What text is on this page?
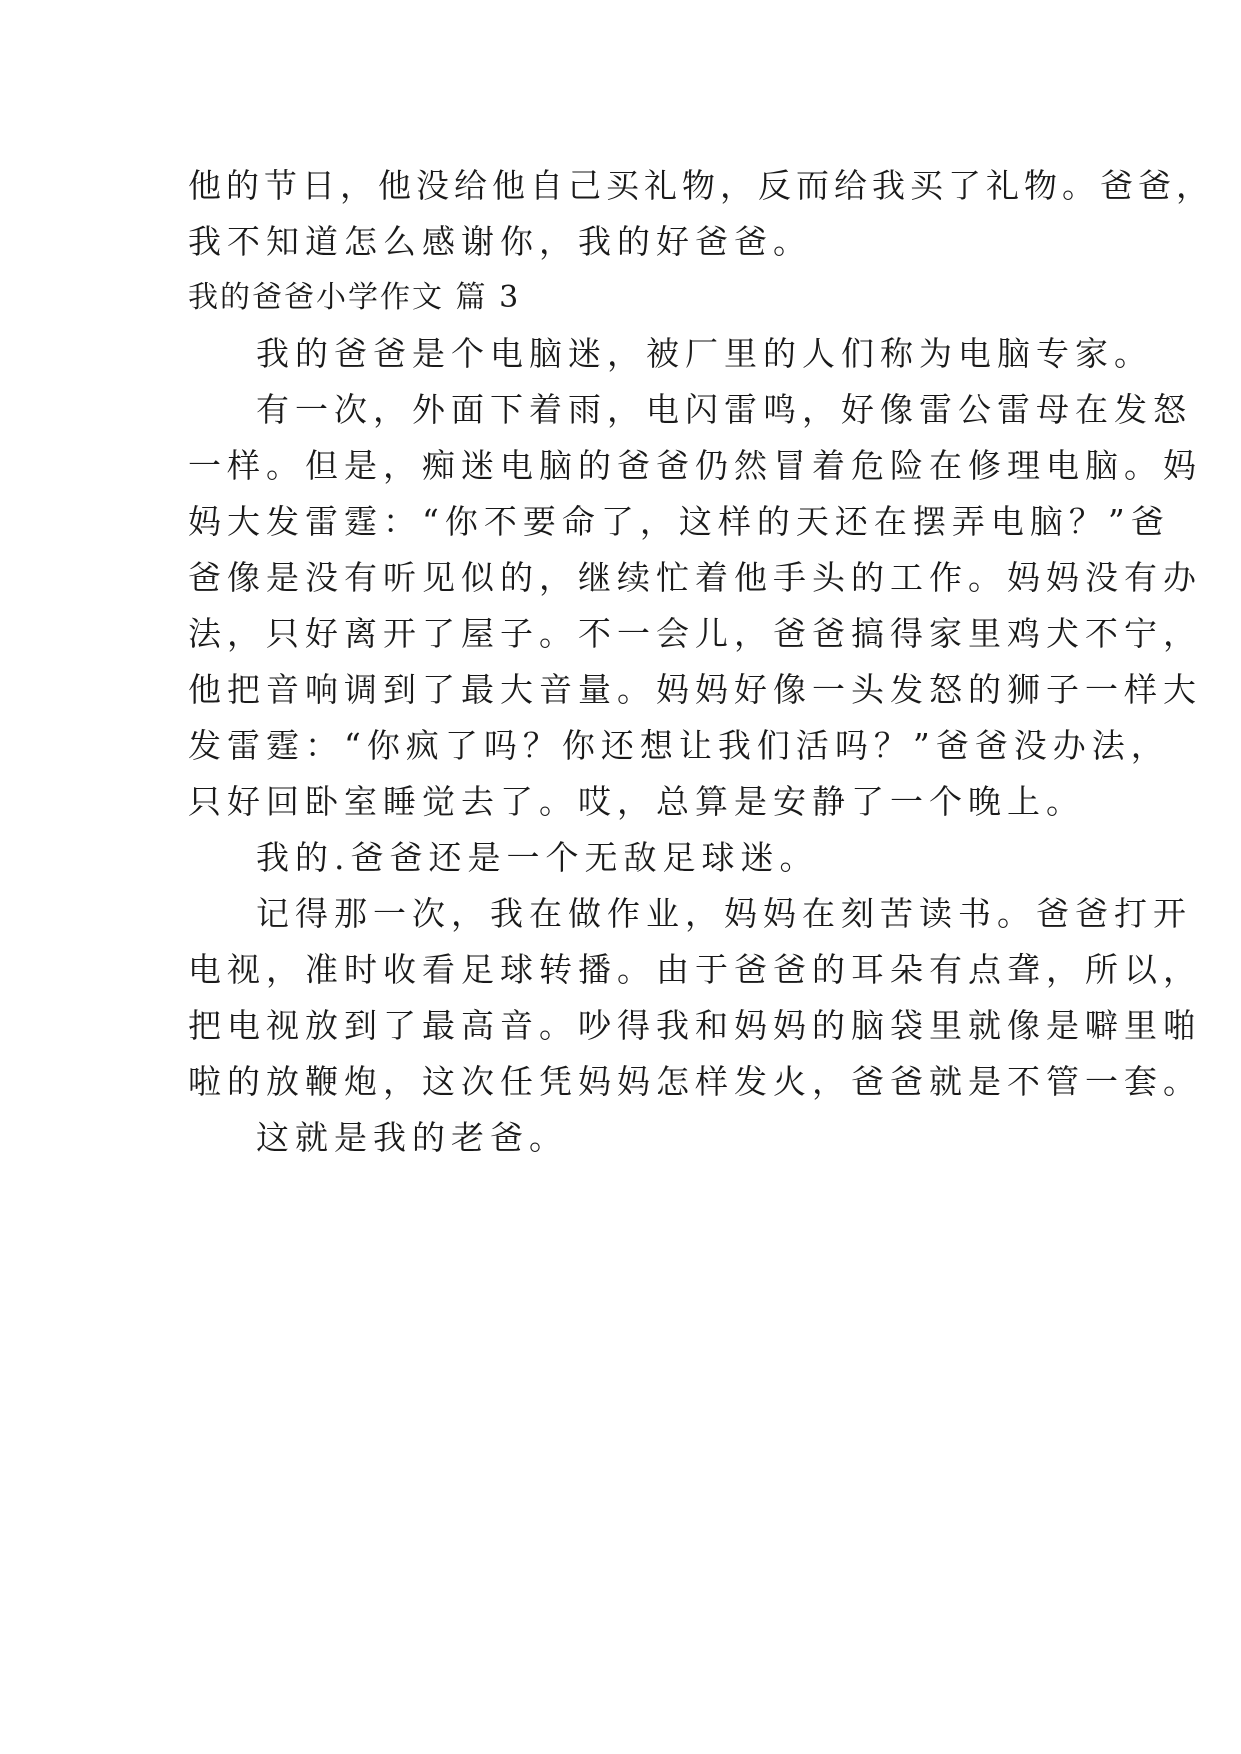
他的节日，他没给他自己买礼物，反而给我买了礼物。爸爸，
我不知道怎么感谢你，我的好爸爸。
我的爸爸小学作文 篇 3
我的爸爸是个电脑迷，被厂里的人们称为电脑专家。
有一次，外面下着雨，电闪雷鸣，好像雷公雷母在发怒
一样。但是，痴迷电脑的爸爸仍然冒着危险在修理电脑。妈
妈大发雷霆：“你不要命了，这样的天还在摆弄电脑？”爸
爸像是没有听见似的，继续忙着他手头的工作。妈妈没有办
法，只好离开了屋子。不一会儿，爸爸搞得家里鸡犬不宁，
他把音响调到了最大音量。妈妈好像一头发怒的狮子一样大
发雷霆：“你疯了吗？你还想让我们活吗？”爸爸没办法，
只好回卧室睡觉去了。哎，总算是安静了一个晚上。
我的.爸爸还是一个无敌足球迷。
记得那一次，我在做作业，妈妈在刻苦读书。爸爸打开
电视，准时收看足球转播。由于爸爸的耳朵有点聋，所以，
把电视放到了最高音。吵得我和妈妈的脑袋里就像是噼里啪
啦的放鞭炮，这次任凭妈妈怎样发火，爸爸就是不管一套。
这就是我的老爸。
